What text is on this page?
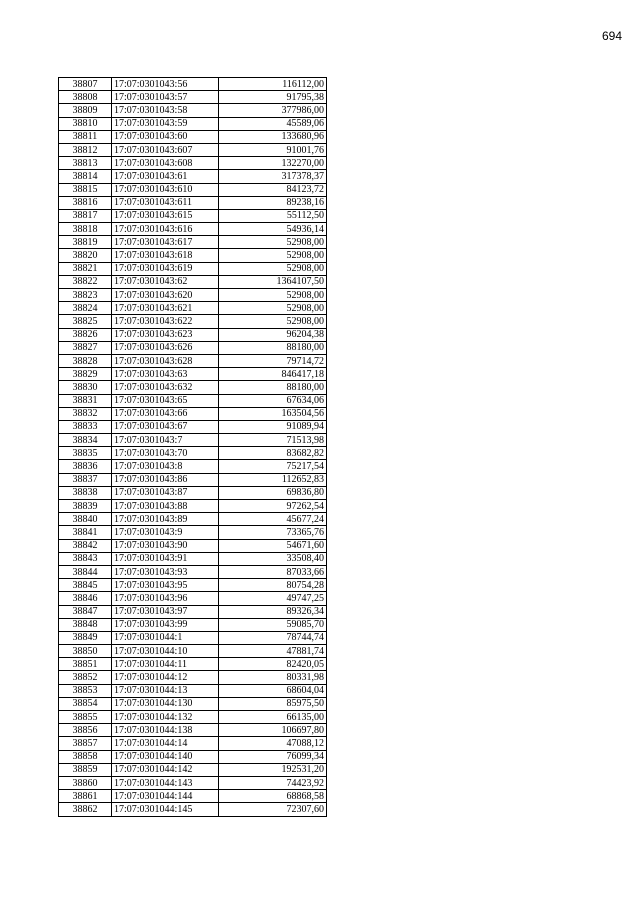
694
38807	17:07:0301043:56	116112,00
38808	17:07:0301043:57	91795,38
38809	17:07:0301043:58	377986,00
38810	17:07:0301043:59	45589,06
38811	17:07:0301043:60	133680,96
38812	17:07:0301043:607	91001,76
38813	17:07:0301043:608	132270,00
38814	17:07:0301043:61	317378,37
38815	17:07:0301043:610	84123,72
38816	17:07:0301043:611	89238,16
38817	17:07:0301043:615	55112,50
38818	17:07:0301043:616	54936,14
38819	17:07:0301043:617	52908,00
38820	17:07:0301043:618	52908,00
38821	17:07:0301043:619	52908,00
38822	17:07:0301043:62	1364107,50
38823	17:07:0301043:620	52908,00
38824	17:07:0301043:621	52908,00
38825	17:07:0301043:622	52908,00
38826	17:07:0301043:623	96204,38
38827	17:07:0301043:626	88180,00
38828	17:07:0301043:628	79714,72
38829	17:07:0301043:63	846417,18
38830	17:07:0301043:632	88180,00
38831	17:07:0301043:65	67634,06
38832	17:07:0301043:66	163504,56
38833	17:07:0301043:67	91089,94
38834	17:07:0301043:7	71513,98
38835	17:07:0301043:70	83682,82
38836	17:07:0301043:8	75217,54
38837	17:07:0301043:86	112652,83
38838	17:07:0301043:87	69836,80
38839	17:07:0301043:88	97262,54
38840	17:07:0301043:89	45677,24
38841	17:07:0301043:9	73365,76
38842	17:07:0301043:90	54671,60
38843	17:07:0301043:91	33508,40
38844	17:07:0301043:93	87033,66
38845	17:07:0301043:95	80754,28
38846	17:07:0301043:96	49747,25
38847	17:07:0301043:97	89326,34
38848	17:07:0301043:99	59085,70
38849	17:07:0301044:1	78744,74
38850	17:07:0301044:10	47881,74
38851	17:07:0301044:11	82420,05
38852	17:07:0301044:12	80331,98
38853	17:07:0301044:13	68604,04
38854	17:07:0301044:130	85975,50
38855	17:07:0301044:132	66135,00
38856	17:07:0301044:138	106697,80
38857	17:07:0301044:14	47088,12
38858	17:07:0301044:140	76099,34
38859	17:07:0301044:142	192531,20
38860	17:07:0301044:143	74423,92
38861	17:07:0301044:144	68868,58
38862	17:07:0301044:145	72307,60
